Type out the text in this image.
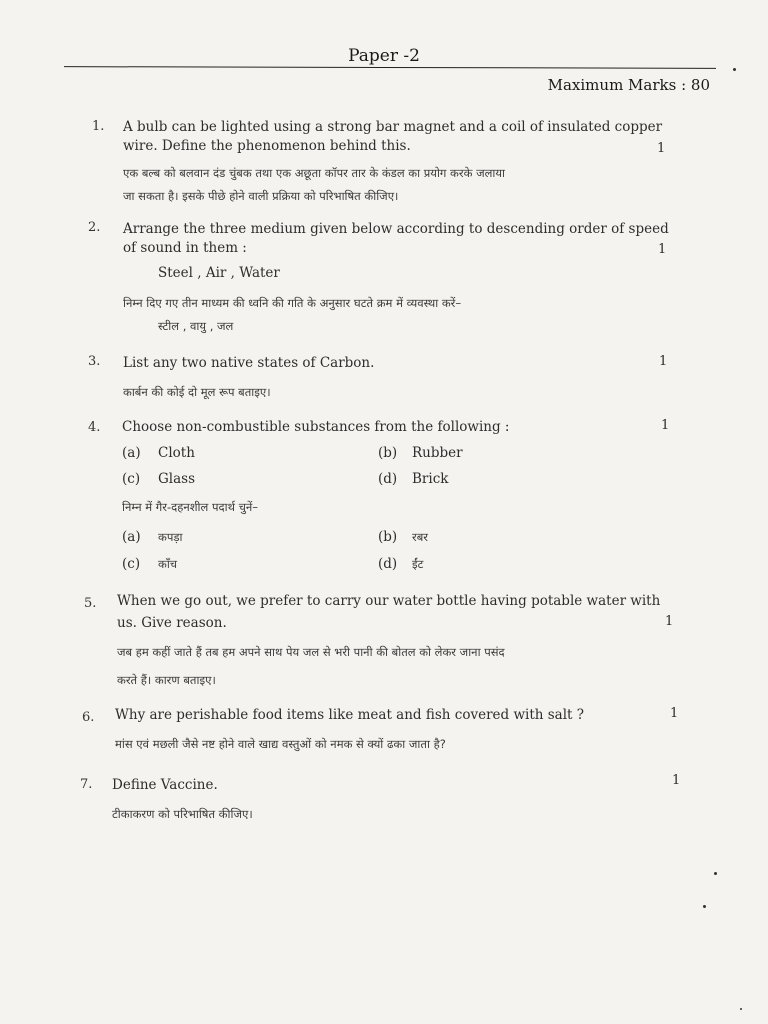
Paper -2
Maximum Marks : 80
1. A bulb can be lighted using a strong bar magnet and a coil of insulated copper
wire. Define the phenomenon behind this.	1
एक बल्ब को बलवान दंड चुंबक तथा एक अछूता कॉपर तार के कंडल का प्रयोग करके जलाया
जा सकता है। इसके पीछे होने वाली प्रक्रिया को परिभाषित कीजिए।
2. Arrange the three medium given below according to descending order of speed
of sound in them :	1
Steel , Air , Water
निम्न दिए गए तीन माध्यम की ध्वनि की गति के अनुसार घटते क्रम में व्यवस्था करें–
स्टील , वायु , जल
3. List any two native states of Carbon.	1
कार्बन की कोई दो मूल रूप बताइए।
4. Choose non-combustible substances from the following :	1
(a) Cloth	(b) Rubber
(c) Glass	(d) Brick
निम्न में गैर-दहनशील पदार्थ चुनें–
(a) कपड़ा	(b) रबर
(c) काँच	(d) ईंट
5. When we go out, we prefer to carry our water bottle having potable water with
us. Give reason.	1
जब हम कहीं जाते हैं तब हम अपने साथ पेय जल से भरी पानी की बोतल को लेकर जाना पसंद
करते हैं। कारण बताइए।
6. Why are perishable food items like meat and fish covered with salt ?	1
मांस एवं मछली जैसे नष्ट होने वाले खाद्य वस्तुओं को नमक से क्यों ढका जाता है?
7. Define Vaccine.	1
टीकाकरण को परिभाषित कीजिए।
